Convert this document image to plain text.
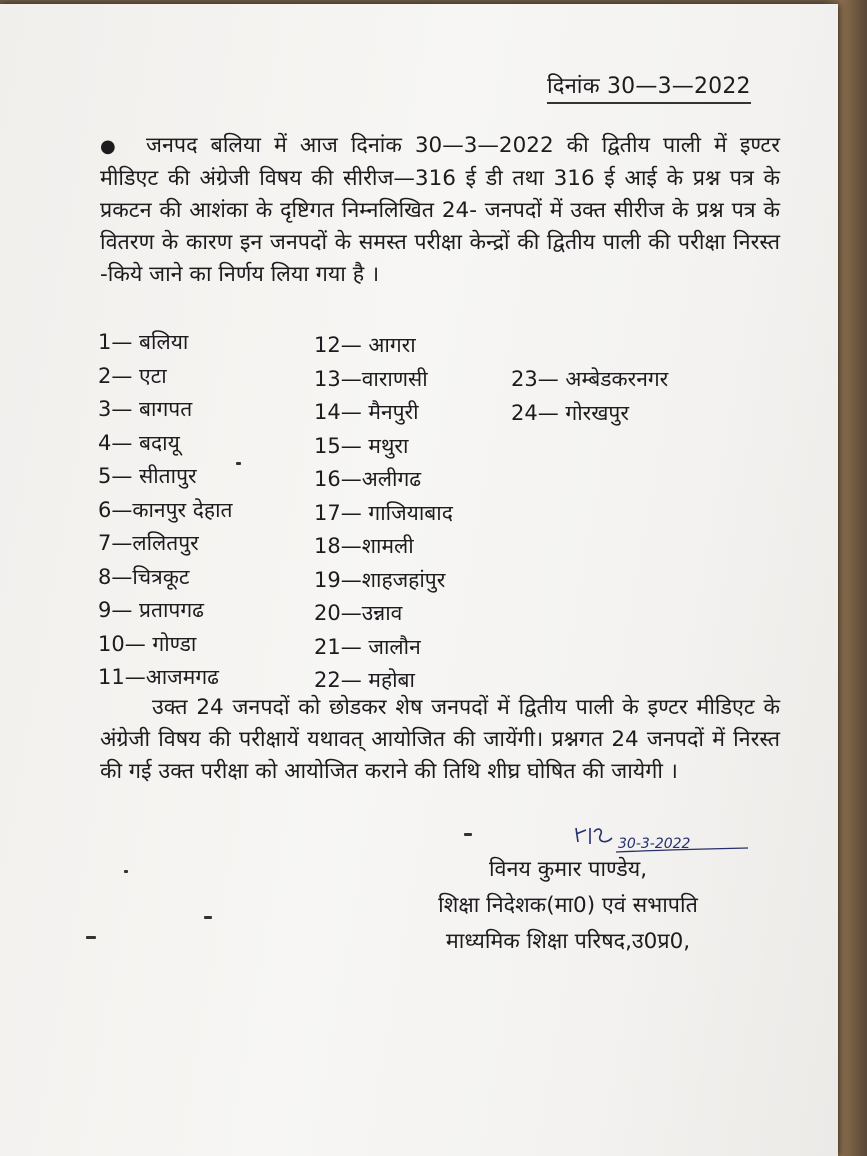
दिनांक 30—3—2022
● जनपद बलिया में आज दिनांक 30—3—2022 की द्वितीय पाली में इण्टर मीडिएट की अंग्रेजी विषय की सीरीज—316 ई डी तथा 316 ई आई के प्रश्न पत्र के प्रकटन की आशंका के दृष्टिगत निम्नलिखित 24- जनपदों में उक्त सीरीज के प्रश्न पत्र के वितरण के कारण इन जनपदों के समस्त परीक्षा केन्द्रों की द्वितीय पाली की परीक्षा निरस्त -किये जाने का निर्णय लिया गया है ।
1— बलिया
2— एटा
3— बागपत
4— बदायू
5— सीतापुर
6—कानपुर देहात
7—ललितपुर
8—चित्रकूट
9— प्रतापगढ
10— गोण्डा
11—आजमगढ
12— आगरा
13—वाराणसी
14— मैनपुरी
15— मथुरा
16—अलीगढ
17— गाजियाबाद
18—शामली
19—शाहजहांपुर
20—उन्नाव
21— जालौन
22— महोबा
23— अम्बेडकरनगर
24— गोरखपुर
उक्त 24 जनपदों को छोडकर शेष जनपदों में द्वितीय पाली के इण्टर मीडिएट के अंग्रेजी विषय की परीक्षायें यथावत् आयोजित की जायेंगी। प्रश्नगत 24 जनपदों में निरस्त की गई उक्त परीक्षा को आयोजित कराने की तिथि शीघ्र घोषित की जायेगी ।
30-3-2022
विनय कुमार पाण्डेय,
शिक्षा निदेशक(मा0) एवं सभापति
माध्यमिक शिक्षा परिषद,उ0प्र0,
